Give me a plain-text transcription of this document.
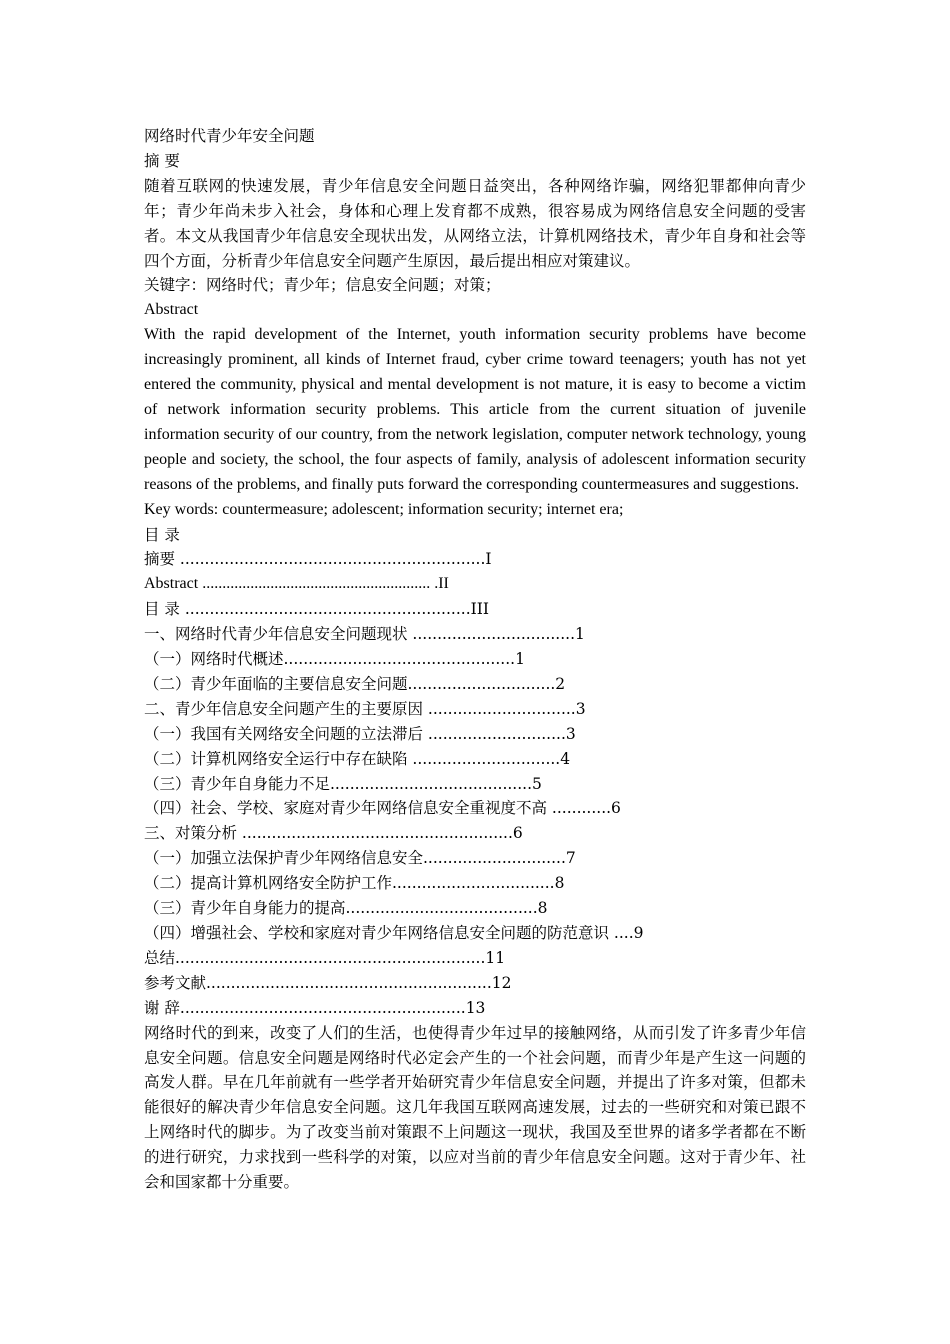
网络时代青少年安全问题

摘 要

随着互联网的快速发展，青少年信息安全问题日益突出，各种网络诈骗，网络犯罪都伸向青少年；青少年尚未步入社会，身体和心理上发育都不成熟，很容易成为网络信息安全问题的受害者。本文从我国青少年信息安全现状出发，从网络立法，计算机网络技术，青少年自身和社会等四个方面，分析青少年信息安全问题产生原因，最后提出相应对策建议。

关键字：网络时代；青少年；信息安全问题；对策；

Abstract

With the rapid development of the Internet, youth information security problems have become increasingly prominent, all kinds of Internet fraud, cyber crime toward teenagers; youth has not yet entered the community, physical and mental development is not mature, it is easy to become a victim of network information security problems. This article from the current situation of juvenile information security of our country, from the network legislation, computer network technology, young people and society, the school, the four aspects of family, analysis of adolescent information security reasons of the problems, and finally puts forward the corresponding countermeasures and suggestions.

Key words: countermeasure; adolescent; information security; internet era;

目 录

摘要 ..............................................................I

Abstract ......................................................... .II

目 录 ..........................................................III

一、网络时代青少年信息安全问题现状 .................................1

（一）网络时代概述...............................................1

（二）青少年面临的主要信息安全问题..............................2

二、青少年信息安全问题产生的主要原因 ..............................3

（一）我国有关网络安全问题的立法滞后 ............................3

（二）计算机网络安全运行中存在缺陷 ..............................4

（三）青少年自身能力不足.........................................5

（四）社会、学校、家庭对青少年网络信息安全重视度不高 ............6

三、对策分析 .......................................................6

（一）加强立法保护青少年网络信息安全.............................7

（二）提高计算机网络安全防护工作.................................8

（三）青少年自身能力的提高.......................................8

（四）增强社会、学校和家庭对青少年网络信息安全问题的防范意识 ....9

总结...............................................................11

参考文献..........................................................12

谢 辞..........................................................13

网络时代的到来，改变了人们的生活，也使得青少年过早的接触网络，从而引发了许多青少年信息安全问题。信息安全问题是网络时代必定会产生的一个社会问题，而青少年是产生这一问题的高发人群。早在几年前就有一些学者开始研究青少年信息安全问题，并提出了许多对策，但都未能很好的解决青少年信息安全问题。这几年我国互联网高速发展，过去的一些研究和对策已跟不上网络时代的脚步。为了改变当前对策跟不上问题这一现状，我国及至世界的诸多学者都在不断的进行研究，力求找到一些科学的对策，以应对当前的青少年信息安全问题。这对于青少年、社会和国家都十分重要。
